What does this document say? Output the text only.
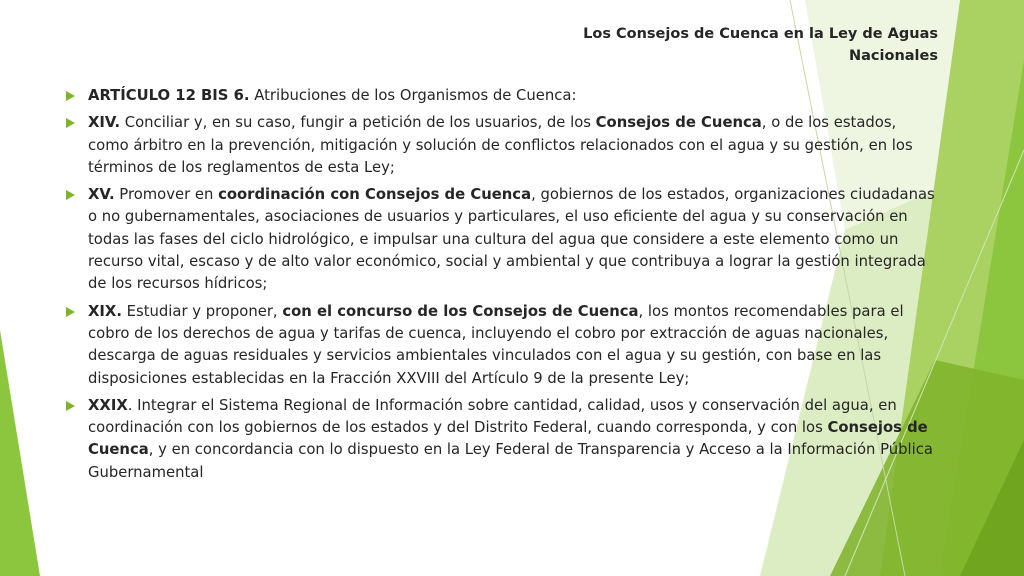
Los Consejos de Cuenca en la Ley de Aguas Nacionales
ARTÍCULO 12 BIS 6. Atribuciones de los Organismos de Cuenca:
XIV. Conciliar y, en su caso, fungir a petición de los usuarios, de los Consejos de Cuenca, o de los estados, como árbitro en la prevención, mitigación y solución de conflictos relacionados con el agua y su gestión, en los términos de los reglamentos de esta Ley;
XV. Promover en coordinación con Consejos de Cuenca, gobiernos de los estados, organizaciones ciudadanas o no gubernamentales, asociaciones de usuarios y particulares, el uso eficiente del agua y su conservación en todas las fases del ciclo hidrológico, e impulsar una cultura del agua que considere a este elemento como un recurso vital, escaso y de alto valor económico, social y ambiental y que contribuya a lograr la gestión integrada de los recursos hídricos;
XIX. Estudiar y proponer, con el concurso de los Consejos de Cuenca, los montos recomendables para el cobro de los derechos de agua y tarifas de cuenca, incluyendo el cobro por extracción de aguas nacionales, descarga de aguas residuales y servicios ambientales vinculados con el agua y su gestión, con base en las disposiciones establecidas en la Fracción XXVIII del Artículo 9 de la presente Ley;
XXIX. Integrar el Sistema Regional de Información sobre cantidad, calidad, usos y conservación del agua, en coordinación con los gobiernos de los estados y del Distrito Federal, cuando corresponda, y con los Consejos de Cuenca, y en concordancia con lo dispuesto en la Ley Federal de Transparencia y Acceso a la Información Pública Gubernamental
